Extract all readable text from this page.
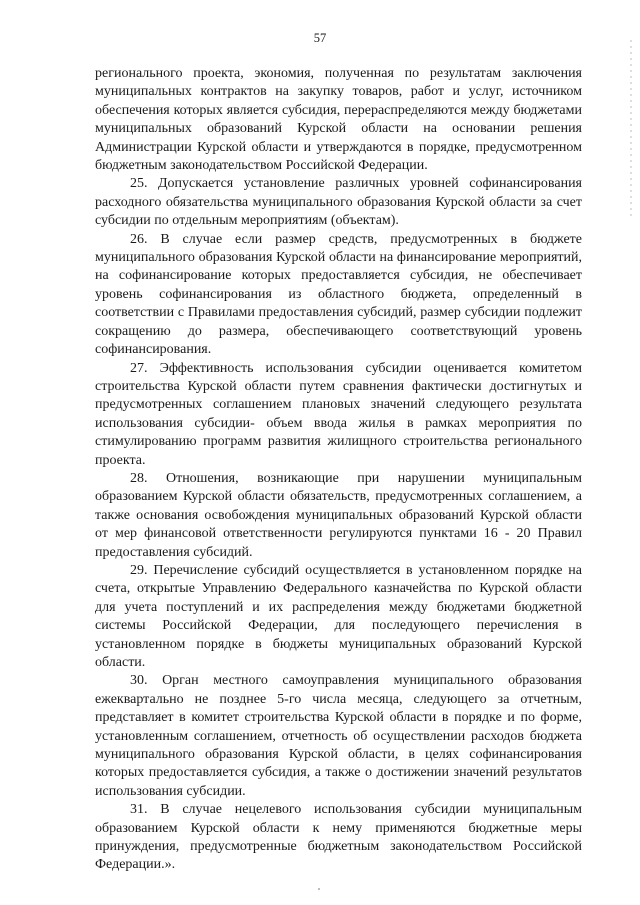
57

регионального проекта, экономия, полученная по результатам заключения муниципальных контрактов на закупку товаров, работ и услуг, источником обеспечения которых является субсидия, перераспределяются между бюджетами муниципальных образований Курской области на основании решения Администрации Курской области и утверждаются в порядке, предусмотренном бюджетным законодательством Российской Федерации.

25. Допускается установление различных уровней софинансирования расходного обязательства муниципального образования Курской области за счет субсидии по отдельным мероприятиям (объектам).

26. В случае если размер средств, предусмотренных в бюджете муниципального образования Курской области на финансирование мероприятий, на софинансирование которых предоставляется субсидия, не обеспечивает уровень софинансирования из областного бюджета, определенный в соответствии с Правилами предоставления субсидий, размер субсидии подлежит сокращению до размера, обеспечивающего соответствующий уровень софинансирования.

27. Эффективность использования субсидии оценивается комитетом строительства Курской области путем сравнения фактически достигнутых и предусмотренных соглашением плановых значений следующего результата использования субсидии- объем ввода жилья в рамках мероприятия по стимулированию программ развития жилищного строительства регионального проекта.

28. Отношения, возникающие при нарушении муниципальным образованием Курской области обязательств, предусмотренных соглашением, а также основания освобождения муниципальных образований Курской области от мер финансовой ответственности регулируются пунктами 16 - 20 Правил предоставления субсидий.

29. Перечисление субсидий осуществляется в установленном порядке на счета, открытые Управлению Федерального казначейства по Курской области для учета поступлений и их распределения между бюджетами бюджетной системы Российской Федерации, для последующего перечисления в установленном порядке в бюджеты муниципальных образований Курской области.

30. Орган местного самоуправления муниципального образования ежеквартально не позднее 5-го числа месяца, следующего за отчетным, представляет в комитет строительства Курской области в порядке и по форме, установленным соглашением, отчетность об осуществлении расходов бюджета муниципального образования Курской области, в целях софинансирования которых предоставляется субсидия, а также о достижении значений результатов использования субсидии.

31. В случае нецелевого использования субсидии муниципальным образованием Курской области к нему применяются бюджетные меры принуждения, предусмотренные бюджетным законодательством Российской Федерации.».
